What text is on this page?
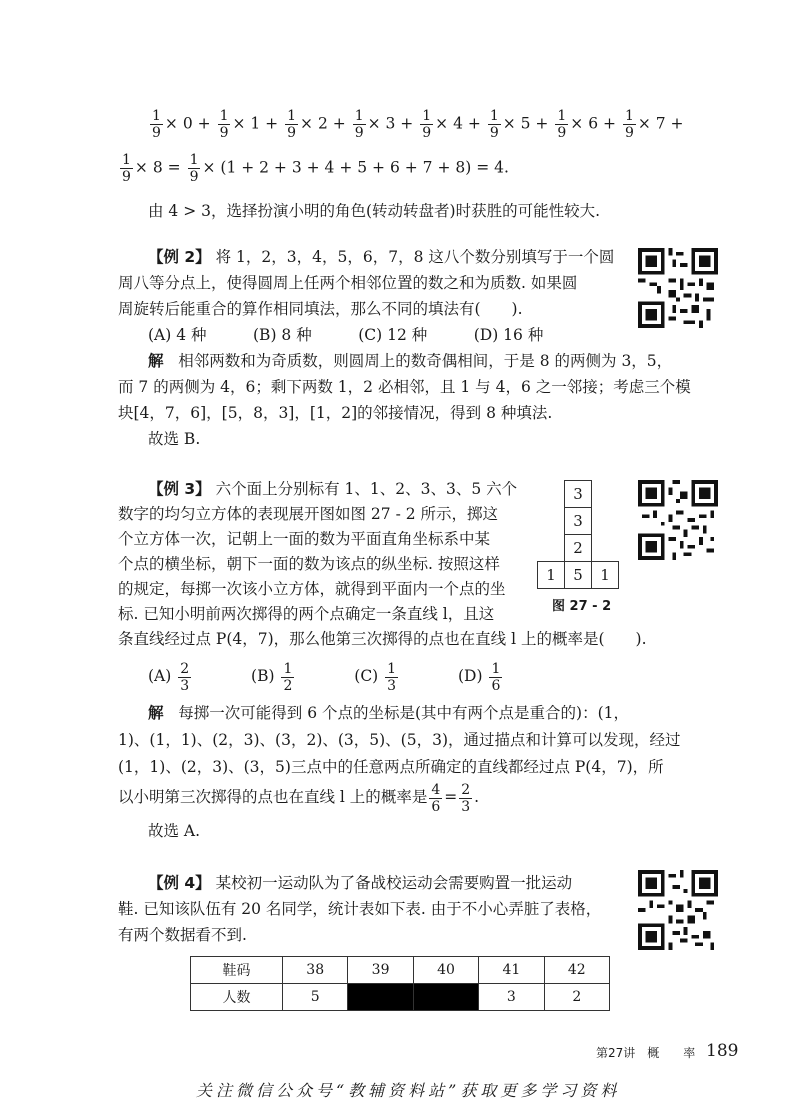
$\frac{1}{9} \times 0 + \frac{1}{9} \times 1 + \frac{1}{9} \times 2 + \frac{1}{9} \times 3 + \frac{1}{9} \times 4 + \frac{1}{9} \times 5 + \frac{1}{9} \times 6 + \frac{1}{9} \times 7$ +
$\frac{1}{9} \times 8 = \frac{1}{9} \times (1 + 2 + 3 + 4 + 5 + 6 + 7 + 8) = 4$.
由 4 > 3，选择扮演小明的角色(转动转盘者)时获胜的可能性较大.
【例 2】 将 1，2，3，4，5，6，7，8 这八个数分别填写于一个圆
周八等分点上，使得圆周上任两个相邻位置的数之和为质数. 如果圆
周旋转后能重合的算作相同填法，那么不同的填法有(　　).
(A) 4 种　　　(B) 8 种　　　(C) 12 种　　　(D) 16 种
解 相邻两数和为奇质数，则圆周上的数奇偶相间，于是 8 的两侧为 3，5，
而 7 的两侧为 4，6；剩下两数 1，2 必相邻，且 1 与 4，6 之一邻接；考虑三个模
块[4，7，6]，[5，8，3]，[1，2]的邻接情况，得到 8 种填法.
故选 B.
【例 3】 六个面上分别标有 1、1、2、3、3、5 六个
数字的均匀立方体的表现展开图如图 27 - 2 所示，掷这
个立方体一次，记朝上一面的数为平面直角坐标系中某
个点的横坐标，朝下一面的数为该点的纵坐标. 按照这样
的规定，每掷一次该小立方体，就得到平面内一个点的坐
标. 已知小明前两次掷得的两个点确定一条直线 l，且这
条直线经过点 P(4，7)，那么他第三次掷得的点也在直线 l 上的概率是(　　).
$(A) \frac{2}{3}$	$(B) \frac{1}{2}$	$(C) \frac{1}{3}$	$(D) \frac{1}{6}$
3
3
2
1	5	1
图 27 - 2
解 每掷一次可能得到 6 个点的坐标是(其中有两个点是重合的)：(1，
1)、(1，1)、(2，3)、(3，2)、(3，5)、(5，3)，通过描点和计算可以发现，经过
(1，1)、(2，3)、(3，5)三点中的任意两点所确定的直线都经过点 P(4，7)，所
以小明第三次掷得的点也在直线 l 上的概率是 $\frac{4}{6} = \frac{2}{3}$ .
故选 A.
【例 4】 某校初一运动队为了备战校运动会需要购置一批运动
鞋. 已知该队伍有 20 名同学，统计表如下表. 由于不小心弄脏了表格，
有两个数据看不到.
鞋码	38	39	40	41	42
人数	5			3	2
第27讲　概　　率 189
关注微信公众号“教辅资料站”获取更多学习资料
